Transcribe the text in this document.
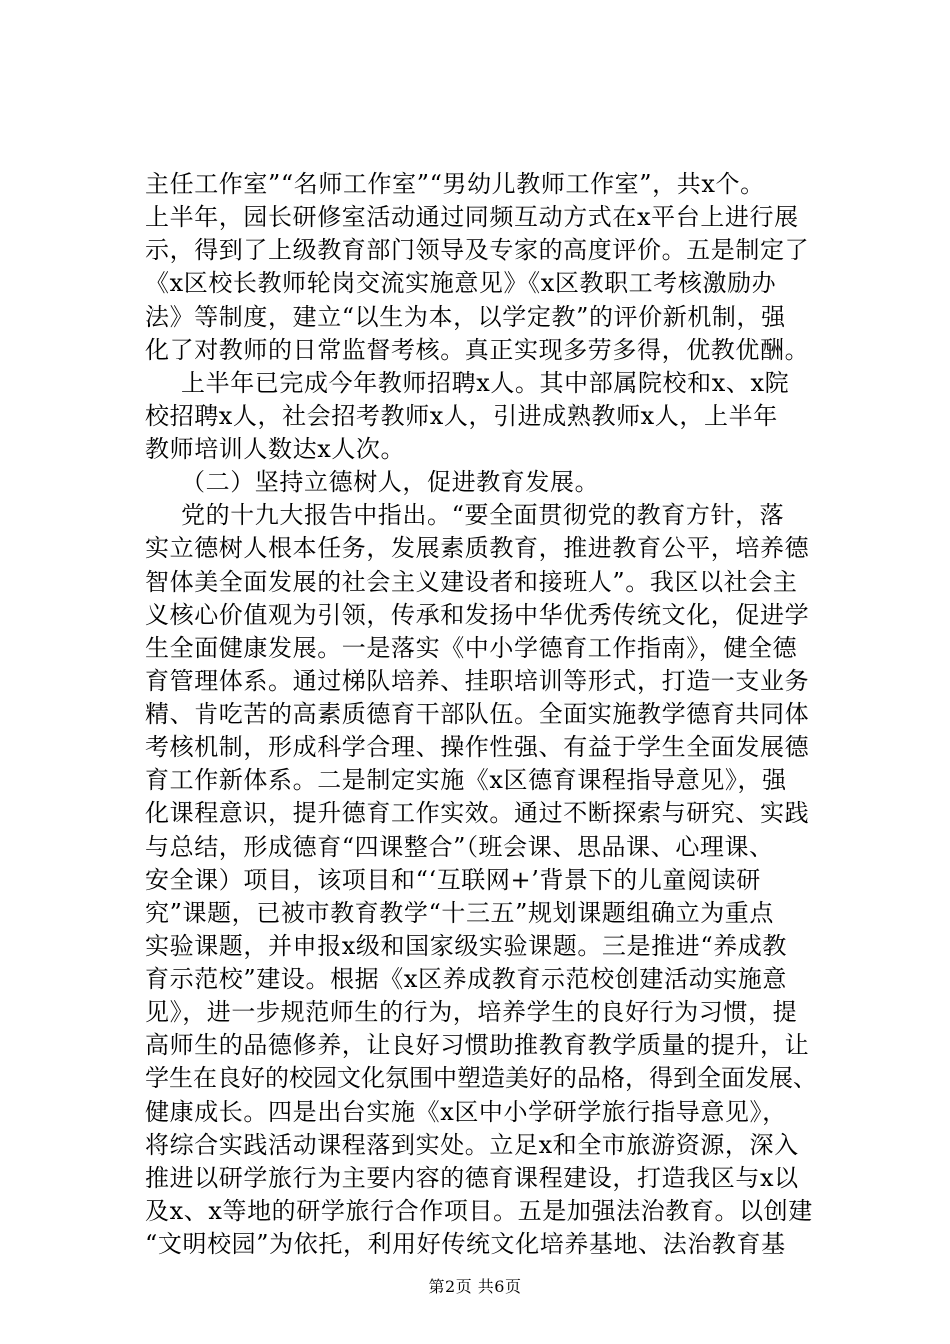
主任工作室”“名师工作室”“男幼儿教师工作室”，共x个。
上半年，园长研修室活动通过同频互动方式在x平台上进行展
示，得到了上级教育部门领导及专家的高度评价。五是制定了
《x区校长教师轮岗交流实施意见》《x区教职工考核激励办
法》等制度，建立“以生为本，以学定教”的评价新机制，强
化了对教师的日常监督考核。真正实现多劳多得，优教优酬。
上半年已完成今年教师招聘x人。其中部属院校和x、x院
校招聘x人，社会招考教师x人，引进成熟教师x人，上半年
教师培训人数达x人次。
（二）坚持立德树人，促进教育发展。
党的十九大报告中指出。“要全面贯彻党的教育方针，落
实立德树人根本任务，发展素质教育，推进教育公平，培养德
智体美全面发展的社会主义建设者和接班人”。我区以社会主
义核心价值观为引领，传承和发扬中华优秀传统文化，促进学
生全面健康发展。一是落实《中小学德育工作指南》，健全德
育管理体系。通过梯队培养、挂职培训等形式，打造一支业务
精、肯吃苦的高素质德育干部队伍。全面实施教学德育共同体
考核机制，形成科学合理、操作性强、有益于学生全面发展德
育工作新体系。二是制定实施《x区德育课程指导意见》，强
化课程意识，提升德育工作实效。通过不断探索与研究、实践
与总结，形成德育“四课整合”（班会课、思品课、心理课、
安全课）项目，该项目和“‘互联网+’背景下的儿童阅读研
究”课题，已被市教育教学“十三五”规划课题组确立为重点
实验课题，并申报x级和国家级实验课题。三是推进“养成教
育示范校”建设。根据《x区养成教育示范校创建活动实施意
见》，进一步规范师生的行为，培养学生的良好行为习惯，提
高师生的品德修养，让良好习惯助推教育教学质量的提升，让
学生在良好的校园文化氛围中塑造美好的品格，得到全面发展、
健康成长。四是出台实施《x区中小学研学旅行指导意见》，
将综合实践活动课程落到实处。立足x和全市旅游资源，深入
推进以研学旅行为主要内容的德育课程建设，打造我区与x以
及x、x等地的研学旅行合作项目。五是加强法治教育。以创建
“文明校园”为依托，利用好传统文化培养基地、法治教育基
第2页 共6页
